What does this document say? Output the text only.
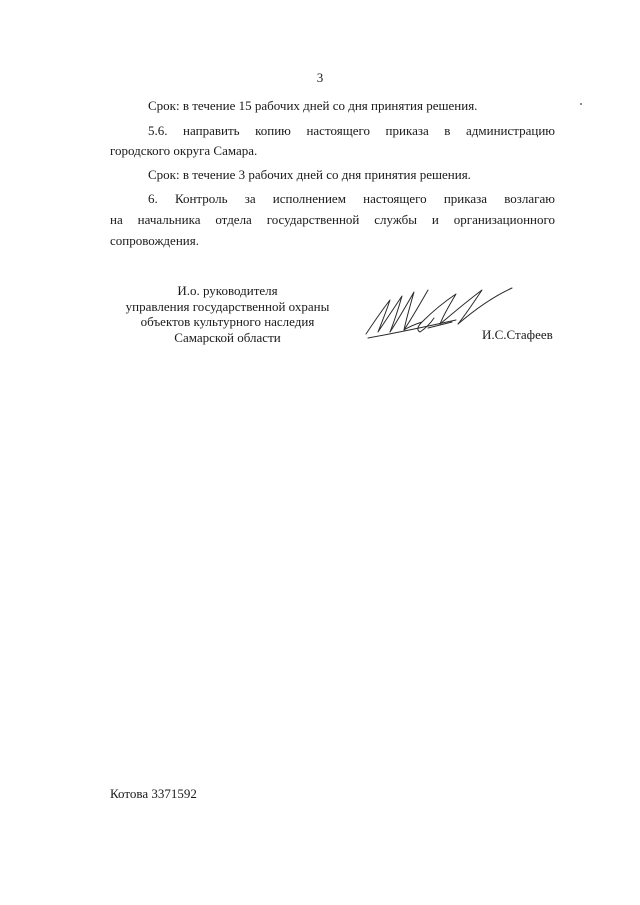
3
Срок: в течение 15 рабочих дней со дня принятия решения.
5.6. направить копию настоящего приказа в администрацию
городского округа Самара.
Срок: в течение 3 рабочих дней со дня принятия решения.
6. Контроль за исполнением настоящего приказа возлагаю
на начальника отдела государственной службы и организационного
сопровождения.
И.о. руководителя
управления государственной охраны
объектов культурного наследия
Самарской области	И.С.Стафеев
Котова 3371592
